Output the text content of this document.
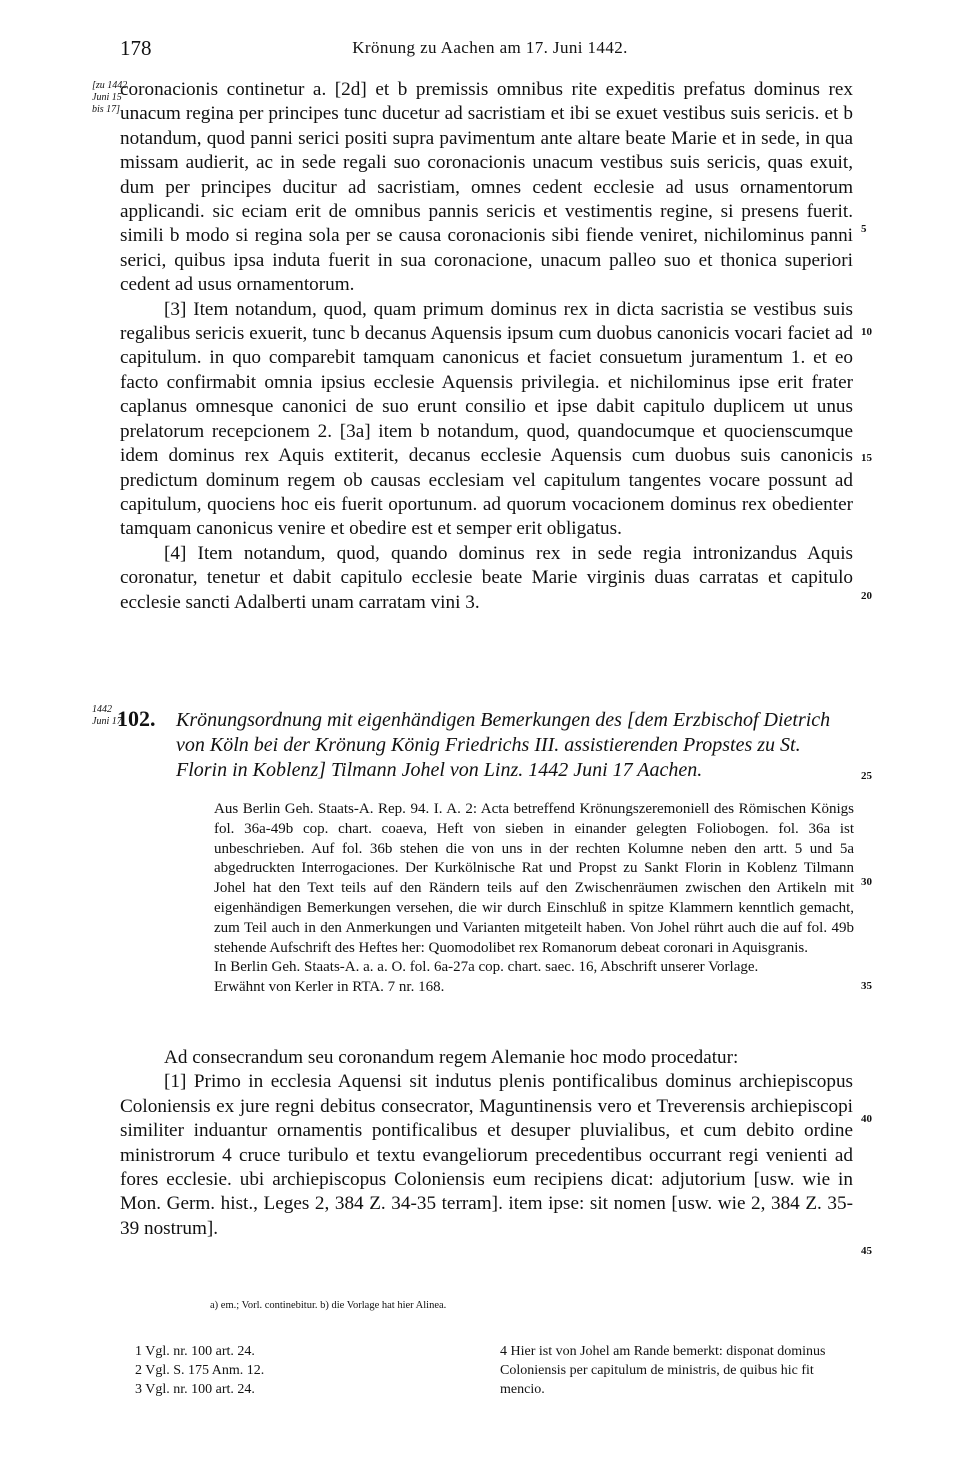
178	Krönung zu Aachen am 17. Juni 1442.
[zu 1442 Juni 15 bis 17]

coronacionis continetur a. [2d] et b premissis omnibus rite expeditis prefatus dominus rex unacum regina per principes tunc ducetur ad sacristiam et ibi se exuet vestibus suis sericis. et b notandum, quod panni serici positi supra pavimentum ante altare beate Marie et in sede, in qua missam audierit, ac in sede regali suo coronacionis unacum vestibus suis sericis, quas exuit, dum per principes ducitur ad sacristiam, omnes cedent ecclesie ad usus ornamentorum applicandi. sic eciam erit de omnibus pannis sericis et vestimentis regine, si presens fuerit. simili b modo si regina sola per se causa coronacionis sibi fiende veniret, nichilominus panni serici, quibus ipsa induta fuerit in sua coronacione, unacum palleo suo et thonica superiori cedent ad usus ornamentorum.

[3] Item notandum, quod, quam primum dominus rex in dicta sacristia se vestibus suis regalibus sericis exuerit, tunc b decanus Aquensis ipsum cum duobus canonicis vocari faciet ad capitulum. in quo comparebit tamquam canonicus et faciet consuetum juramentum 1. et eo facto confirmabit omnia ipsius ecclesie Aquensis privilegia. et nichilominus ipse erit frater caplanus omnesque canonici de suo erunt consilio et ipse dabit capitulo duplicem ut unus prelatorum recepcionem 2. [3a] item b notandum, quod, quandocumque et quocienscumque idem dominus rex Aquis extiterit, decanus ecclesie Aquensis cum duobus suis canonicis predictum dominum regem ob causas ecclesiam vel capitulum tangentes vocare possunt ad capitulum, quociens hoc eis fuerit oportunum. ad quorum vocacionem dominus rex obedienter tamquam canonicus venire et obedire est et semper erit obligatus.

[4] Item notandum, quod, quando dominus rex in sede regia intronizandus Aquis coronatur, tenetur et dabit capitulo ecclesie beate Marie virginis duas carratas et capitulo ecclesie sancti Adalberti unam carratam vini 3.

1442 Juni 17
102. Krönungsordnung mit eigenhändigen Bemerkungen des [dem Erzbischof Dietrich von Köln bei der Krönung König Friedrichs III. assistierenden Propstes zu St. Florin in Koblenz] Tilmann Johel von Linz. 1442 Juni 17 Aachen.

Aus Berlin Geh. Staats-A. Rep. 94. I. A. 2: Acta betreffend Krönungszeremoniell des Römischen Königs fol. 36a-49b cop. chart. coaeva, Heft von sieben in einander gelegten Foliobogen. fol. 36a ist unbeschrieben. Auf fol. 36b stehen die von uns in der rechten Kolumne neben den artt. 5 und 5a abgedruckten Interrogaciones. Der Kurkölnische Rat und Propst zu Sankt Florin in Koblenz Tilmann Johel hat den Text teils auf den Rändern teils auf den Zwischenräumen zwischen den Artikeln mit eigenhändigen Bemerkungen versehen, die wir durch Einschluß in spitze Klammern kenntlich gemacht, zum Teil auch in den Anmerkungen und Varianten mitgeteilt haben. Von Johel rührt auch die auf fol. 49b stehende Aufschrift des Heftes her: Quomodolibet rex Romanorum debeat coronari in Aquisgranis.

In Berlin Geh. Staats-A. a. a. O. fol. 6a-27a cop. chart. saec. 16, Abschrift unserer Vorlage.

Erwähnt von Kerler in RTA. 7 nr. 168.

Ad consecrandum seu coronandum regem Alemanie hoc modo procedatur:

[1] Primo in ecclesia Aquensi sit indutus plenis pontificalibus dominus archiepiscopus Coloniensis ex jure regni debitus consecrator, Maguntinensis vero et Treverensis archiepiscopi similiter induantur ornamentis pontificalibus et desuper pluvialibus, et cum debito ordine ministrorum 4 cruce turibulo et textu evangeliorum precedentibus occurrant regi venienti ad fores ecclesie. ubi archiepiscopus Coloniensis eum recipiens dicat: adjutorium [usw. wie in Mon. Germ. hist., Leges 2, 384 Z. 34-35 terram]. item ipse: sit nomen [usw. wie 2, 384 Z. 35-39 nostrum].

5
10
15
20
25
30
35
40
45
a) em.; Vorl. continebitur. b) die Vorlage hat hier Alinea.

1 Vgl. nr. 100 art. 24.

2 Vgl. S. 175 Anm. 12.

3 Vgl. nr. 100 art. 24.

4 Hier ist von Johel am Rande bemerkt: disponat dominus Coloniensis per capitulum de ministris, de quibus hic fit mencio.
